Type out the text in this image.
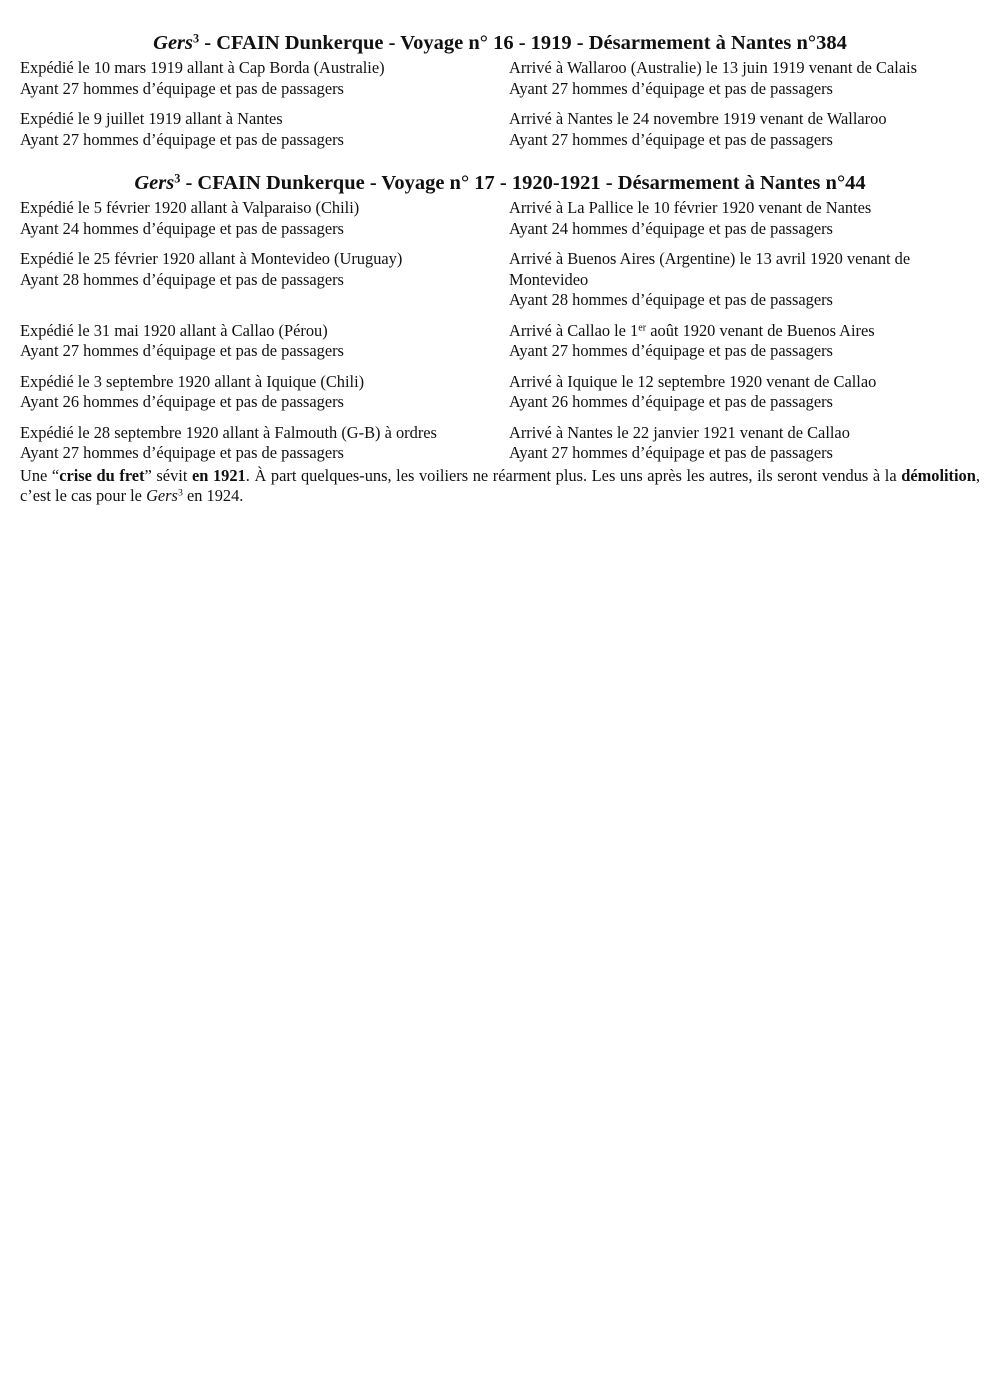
Gers$^3$ - CFAIN Dunkerque - Voyage n° 16 - 1919 - Désarmement à Nantes n°384
Expédié le 10 mars 1919 allant à Cap Borda (Australie)
Ayant 27 hommes d’équipage et pas de passagers
Arrivé à Wallaroo (Australie) le 13 juin 1919 venant de Calais
Ayant 27 hommes d’équipage et pas de passagers
Expédié le 9 juillet 1919 allant à Nantes
Ayant 27 hommes d’équipage et pas de passagers
Arrivé à Nantes le 24 novembre 1919 venant de Wallaroo
Ayant 27 hommes d’équipage et pas de passagers
Gers$^3$ - CFAIN Dunkerque - Voyage n° 17 - 1920-1921 - Désarmement à Nantes n°44
Expédié le 5 février 1920 allant à Valparaiso (Chili)
Ayant 24 hommes d’équipage et pas de passagers
Arrivé à La Pallice le 10 février 1920 venant de Nantes
Ayant 24 hommes d’équipage et pas de passagers
Expédié le 25 février 1920 allant à Montevideo (Uruguay)
Ayant 28 hommes d’équipage et pas de passagers
Arrivé à Buenos Aires (Argentine) le 13 avril 1920 venant de Montevideo
Ayant 28 hommes d’équipage et pas de passagers
Expédié le 31 mai 1920 allant à Callao (Pérou)
Ayant 27 hommes d’équipage et pas de passagers
Arrivé à Callao le 1er août 1920 venant de Buenos Aires
Ayant 27 hommes d’équipage et pas de passagers
Expédié le 3 septembre 1920 allant à Iquique (Chili)
Ayant 26 hommes d’équipage et pas de passagers
Arrivé à Iquique le 12 septembre 1920 venant de Callao
Ayant 26 hommes d’équipage et pas de passagers
Expédié le 28 septembre 1920 allant à Falmouth (G-B) à ordres
Ayant 27 hommes d’équipage et pas de passagers
Arrivé à Nantes le 22 janvier 1921 venant de Callao
Ayant 27 hommes d’équipage et pas de passagers

Une “crise du fret” sévit en 1921. À part quelques-uns, les voiliers ne réarment plus. Les uns après les autres, ils seront vendus à la démolition, c’est le cas pour le Gers$^3$ en 1924.
